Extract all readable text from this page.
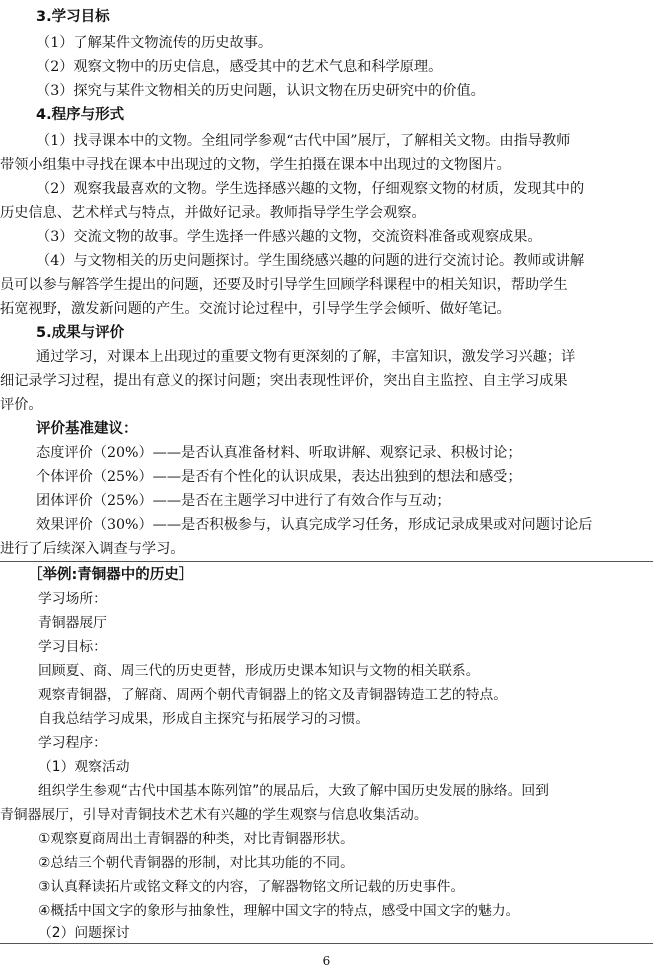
3.学习目标
（1）了解某件文物流传的历史故事。
（2）观察文物中的历史信息，感受其中的艺术气息和科学原理。
（3）探究与某件文物相关的历史问题，认识文物在历史研究中的价值。
4.程序与形式
（1）找寻课本中的文物。全组同学参观“古代中国”展厅，了解相关文物。由指导教师
带领小组集中寻找在课本中出现过的文物，学生拍摄在课本中出现过的文物图片。
（2）观察我最喜欢的文物。学生选择感兴趣的文物，仔细观察文物的材质，发现其中的
历史信息、艺术样式与特点，并做好记录。教师指导学生学会观察。
（3）交流文物的故事。学生选择一件感兴趣的文物，交流资料准备或观察成果。
（4）与文物相关的历史问题探讨。学生围绕感兴趣的问题的进行交流讨论。教师或讲解
员可以参与解答学生提出的问题，还要及时引导学生回顾学科课程中的相关知识，帮助学生
拓宽视野，激发新问题的产生。交流讨论过程中，引导学生学会倾听、做好笔记。
5.成果与评价
通过学习，对课本上出现过的重要文物有更深刻的了解，丰富知识，激发学习兴趣；详
细记录学习过程，提出有意义的探讨问题；突出表现性评价，突出自主监控、自主学习成果
评价。
评价基准建议：
态度评价（20%）——是否认真准备材料、听取讲解、观察记录、积极讨论；
个体评价（25%）——是否有个性化的认识成果，表达出独到的想法和感受；
团体评价（25%）——是否在主题学习中进行了有效合作与互动；
效果评价（30%）——是否积极参与，认真完成学习任务，形成记录成果或对问题讨论后
进行了后续深入调查与学习。
［举例:青铜器中的历史］
学习场所：
青铜器展厅
学习目标：
回顾夏、商、周三代的历史更替，形成历史课本知识与文物的相关联系。
观察青铜器，了解商、周两个朝代青铜器上的铭文及青铜器铸造工艺的特点。
自我总结学习成果，形成自主探究与拓展学习的习惯。
学习程序：
（1）观察活动
组织学生参观“古代中国基本陈列馆”的展品后，大致了解中国历史发展的脉络。回到
青铜器展厅，引导对青铜技术艺术有兴趣的学生观察与信息收集活动。
①观察夏商周出土青铜器的种类，对比青铜器形状。
②总结三个朝代青铜器的形制，对比其功能的不同。
③认真释读拓片或铭文释文的内容，了解器物铭文所记载的历史事件。
④概括中国文字的象形与抽象性，理解中国文字的特点，感受中国文字的魅力。
（2）问题探讨
6
